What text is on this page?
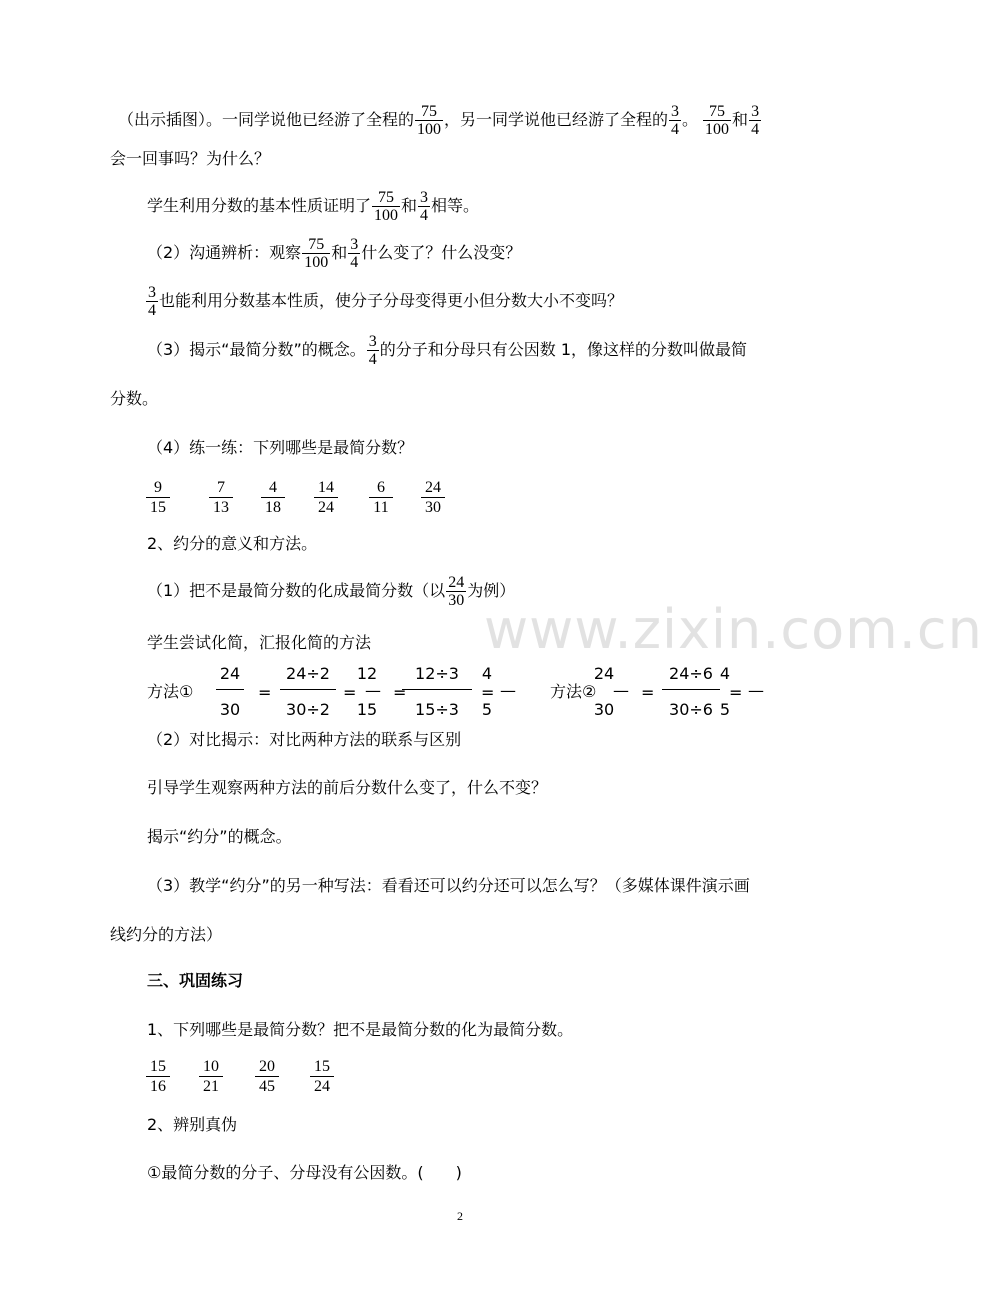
（出示插图）。一同学说他已经游了全程的 $\frac{75}{100}$ ，另一同学说他已经游了全程的 $\frac{3}{4}$ 。 $\frac{75}{100}$ 和 $\frac{3}{4}$
会一回事吗？为什么？
学生利用分数的基本性质证明了 $\frac{75}{100}$ 和 $\frac{3}{4}$ 相等。
（2）沟通辨析：观察 $\frac{75}{100}$ 和 $\frac{3}{4}$ 什么变了？什么没变？
$\frac{3}{4}$ 也能利用分数基本性质，使分子分母变得更小但分数大小不变吗？
（3）揭示“最简分数”的概念。 $\frac{3}{4}$ 的分子和分母只有公因数 1，像这样的分数叫做最简
分数。
（4）练一练：下列哪些是最简分数？
$\frac{9}{15} \frac{7}{13} \frac{4}{18} \frac{14}{24} \frac{6}{11} \frac{24}{30}$
2、约分的意义和方法。
（1）把不是最简分数的化成最简分数（以 $\frac{24}{30}$ 为例）
学生尝试化简，汇报化简的方法 www.zixin.com.cn
方法①
24
30
=
24÷2
30÷2
=
12
15
— =
12÷3
15÷3
=
4
5
— 方法②
24
30
— =
24÷6
30÷6
4
5
= —
（2）对比揭示：对比两种方法的联系与区别
引导学生观察两种方法的前后分数什么变了，什么不变？
揭示“约分”的概念。
（3）教学“约分”的另一种写法：看看还可以约分还可以怎么写？（多媒体课件演示画
线约分的方法）
三、巩固练习
1、下列哪些是最简分数？把不是最简分数的化为最简分数。
$\frac{15}{16} \frac{10}{21} \frac{20}{45} \frac{15}{24}$
2、辨别真伪
①最简分数的分子、分母没有公因数。(　　)
2
